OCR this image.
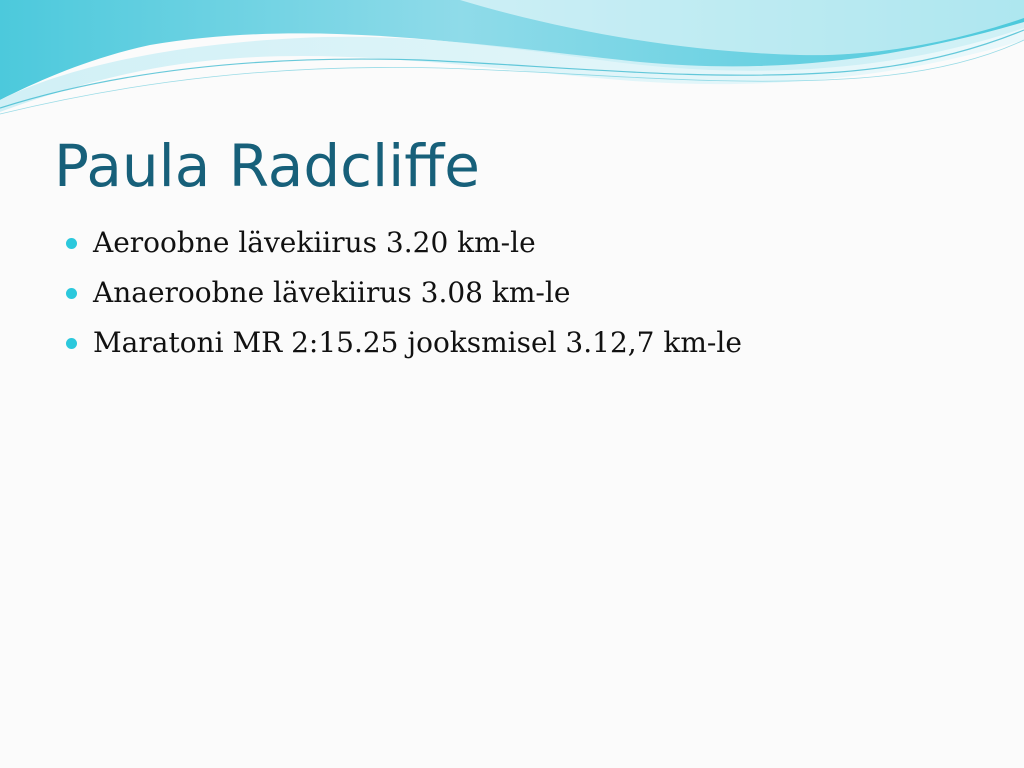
Paula Radcliffe
Aeroobne lävekiirus 3.20 km-le
Anaeroobne lävekiirus 3.08 km-le
Maratoni MR 2:15.25 jooksmisel 3.12,7 km-le
